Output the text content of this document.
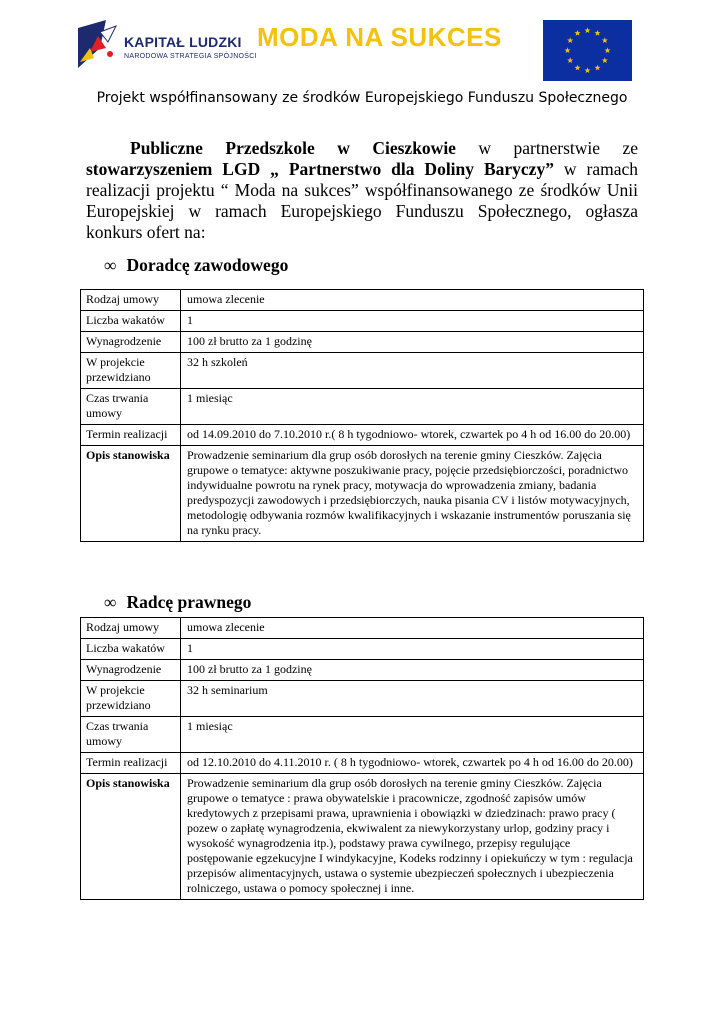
KAPITAŁ LUDZKI
NARODOWA STRATEGIA SPÓJNOŚCI
MODA NA SUKCES
Projekt współfinansowany ze środków Europejskiego Funduszu Społecznego
Publiczne Przedszkole w Cieszkowie w partnerstwie ze stowarzyszeniem LGD „ Partnerstwo dla Doliny Baryczy” w ramach realizacji projektu “ Moda na sukces” współfinansowanego ze środków Unii Europejskiej w ramach Europejskiego Funduszu Społecznego, ogłasza konkurs ofert na:
∞ Doradcę zawodowego
Rodzaj umowy	umowa zlecenie
Liczba wakatów	1
Wynagrodzenie	100 zł brutto za 1 godzinę
W projekcie przewidziano	32 h szkoleń
Czas trwania umowy	1 miesiąc
Termin realizacji	od 14.09.2010 do 7.10.2010 r.( 8 h tygodniowo- wtorek, czwartek po 4 h od 16.00 do 20.00)
Opis stanowiska	Prowadzenie seminarium dla grup osób dorosłych na terenie gminy Cieszków. Zajęcia grupowe o tematyce: aktywne poszukiwanie pracy, pojęcie przedsiębiorczości, poradnictwo indywidualne powrotu na rynek pracy, motywacja do wprowadzenia zmiany, badania predyspozycji zawodowych i przedsiębiorczych, nauka pisania CV i listów motywacyjnych, metodologię odbywania rozmów kwalifikacyjnych i wskazanie instrumentów poruszania się na rynku pracy.
∞ Radcę prawnego
Rodzaj umowy	umowa zlecenie
Liczba wakatów	1
Wynagrodzenie	100 zł brutto za 1 godzinę
W projekcie przewidziano	32 h seminarium
Czas trwania umowy	1 miesiąc
Termin realizacji	od 12.10.2010 do 4.11.2010 r. ( 8 h tygodniowo- wtorek, czwartek po 4 h od 16.00 do 20.00)
Opis stanowiska	Prowadzenie seminarium dla grup osób dorosłych na terenie gminy Cieszków. Zajęcia grupowe o tematyce : prawa obywatelskie i pracownicze, zgodność zapisów umów kredytowych z przepisami prawa, uprawnienia i obowiązki w dziedzinach: prawo pracy ( pozew o zapłatę wynagrodzenia, ekwiwalent za niewykorzystany urlop, godziny pracy i wysokość wynagrodzenia itp.), podstawy prawa cywilnego, przepisy regulujące postępowanie egzekucyjne I windykacyjne, Kodeks rodzinny i opiekuńczy w tym : regulacja przepisów alimentacyjnych, ustawa o systemie ubezpieczeń społecznych i ubezpieczenia rolniczego, ustawa o pomocy społecznej i inne.
